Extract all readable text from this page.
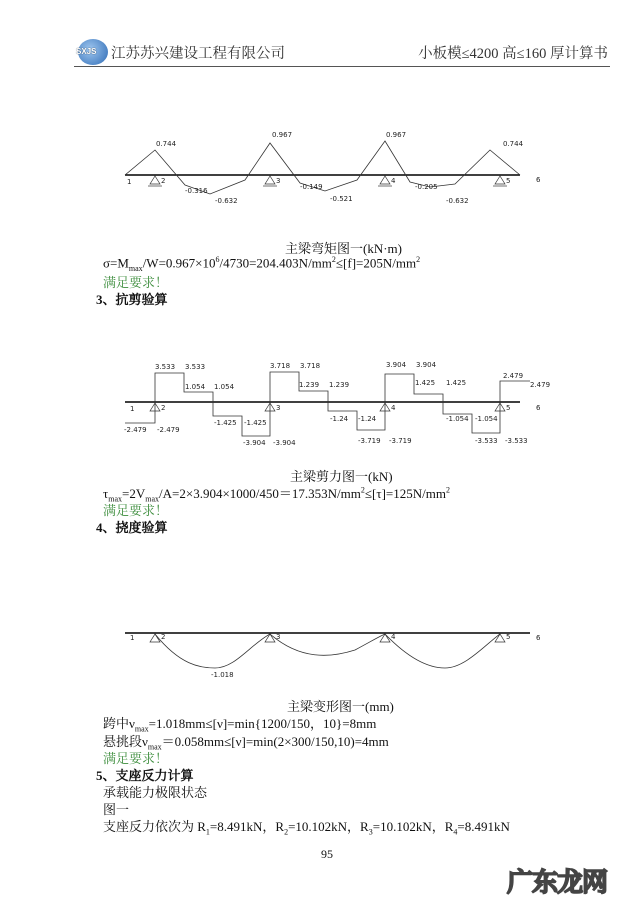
SXJS 江苏苏兴建设工程有限公司	小板模≤4200 高≤160 厚计算书
1	2	3	4	5	6
0.744
0.967	0.967
0.744
-0.316
-0.632
-0.149
-0.521
-0.205
-0.632
主梁弯矩图一(kN·m)
$\sigma=M_{max}/W=0.967\times 10^6/4730=204.403N/mm^2\le[f]=205N/mm^2$
满足要求！
3、抗剪验算
1	2	3	4	5	6
3.533 3.533
1.054 1.054
3.718 3.718
1.239 1.239
3.904 3.904
1.425 1.425
2.479
2.479
-2.479 -2.479
-1.425 -1.425
-3.904 -3.904
-1.24 -1.24
-3.719 -3.719
-1.054 -1.054
-3.533 -3.533
主梁剪力图一(kN)
$\tau_{max}=2V_{max}/A=2\times 3.904\times 1000/450=17.353N/mm^2\le[\tau]=125N/mm^2$
满足要求！
4、挠度验算
1	2	3	4	5	6
-1.018
主梁变形图一(mm)
跨中$\nu_{max}=1.018mm\le[\nu]=\min\{1200/150$，10}=8mm
悬挑段$\nu_{max}=0.058mm\le[\nu]=\min(2\times 300/150,10)=4mm$
满足要求！
5、支座反力计算
承载能力极限状态
图一
支座反力依次为 $R_1=8.491kN$，$R_2=10.102kN$，$R_3=10.102kN$，$R_4=8.491kN$
95
广东龙网
